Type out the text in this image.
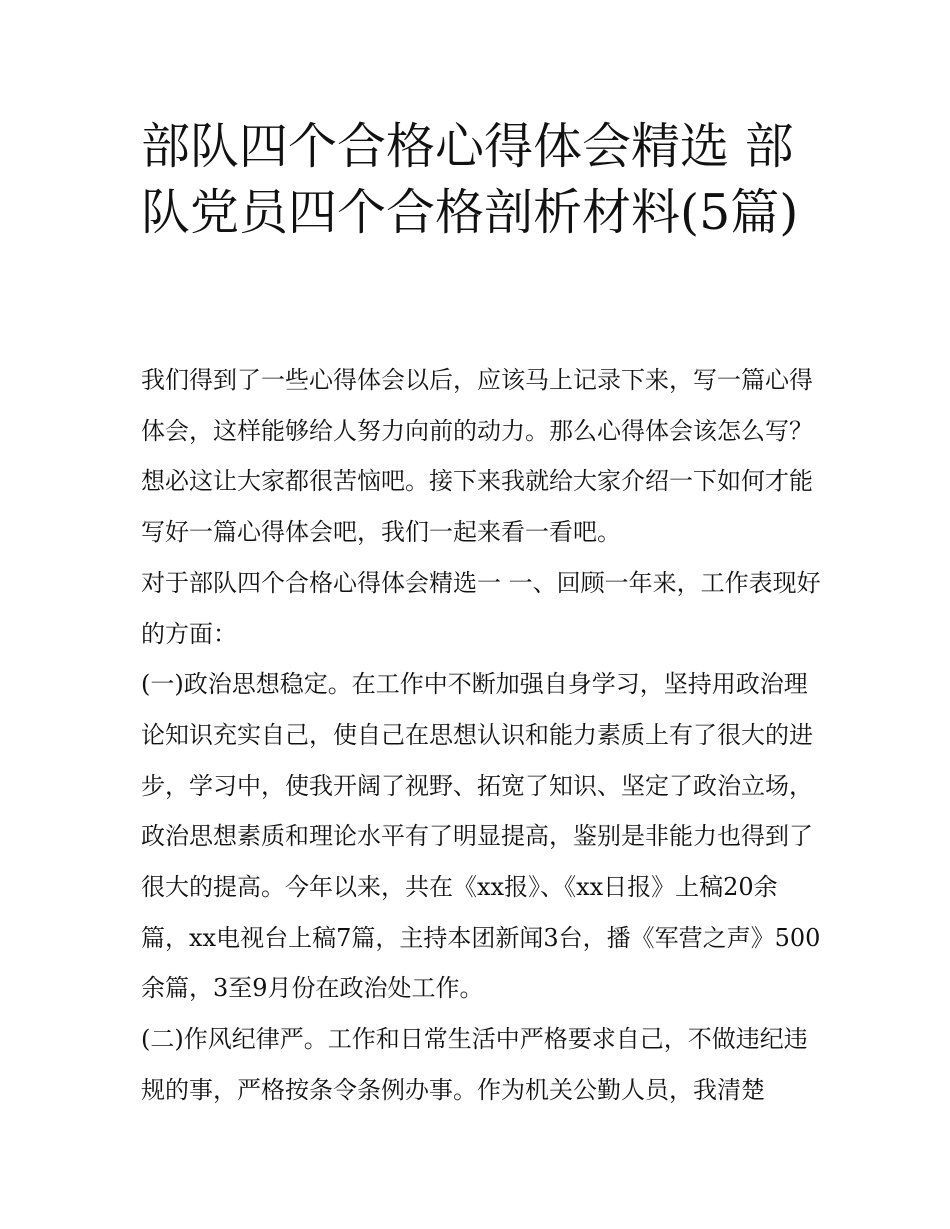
部队四个合格心得体会精选 部队党员四个合格剖析材料(5篇)

我们得到了一些心得体会以后，应该马上记录下来，写一篇心得体会，这样能够给人努力向前的动力。那么心得体会该怎么写？想必这让大家都很苦恼吧。接下来我就给大家介绍一下如何才能写好一篇心得体会吧，我们一起来看一看吧。

对于部队四个合格心得体会精选一 一、回顾一年来，工作表现好的方面：

(一)政治思想稳定。在工作中不断加强自身学习，坚持用政治理论知识充实自己，使自己在思想认识和能力素质上有了很大的进步，学习中，使我开阔了视野、拓宽了知识、坚定了政治立场，政治思想素质和理论水平有了明显提高，鉴别是非能力也得到了很大的提高。今年以来，共在《xx报》、《xx日报》上稿20余篇，xx电视台上稿7篇，主持本团新闻3台，播《军营之声》500余篇，3至9月份在政治处工作。

(二)作风纪律严。工作和日常生活中严格要求自己，不做违纪违规的事，严格按条令条例办事。作为机关公勤人员，我清楚
